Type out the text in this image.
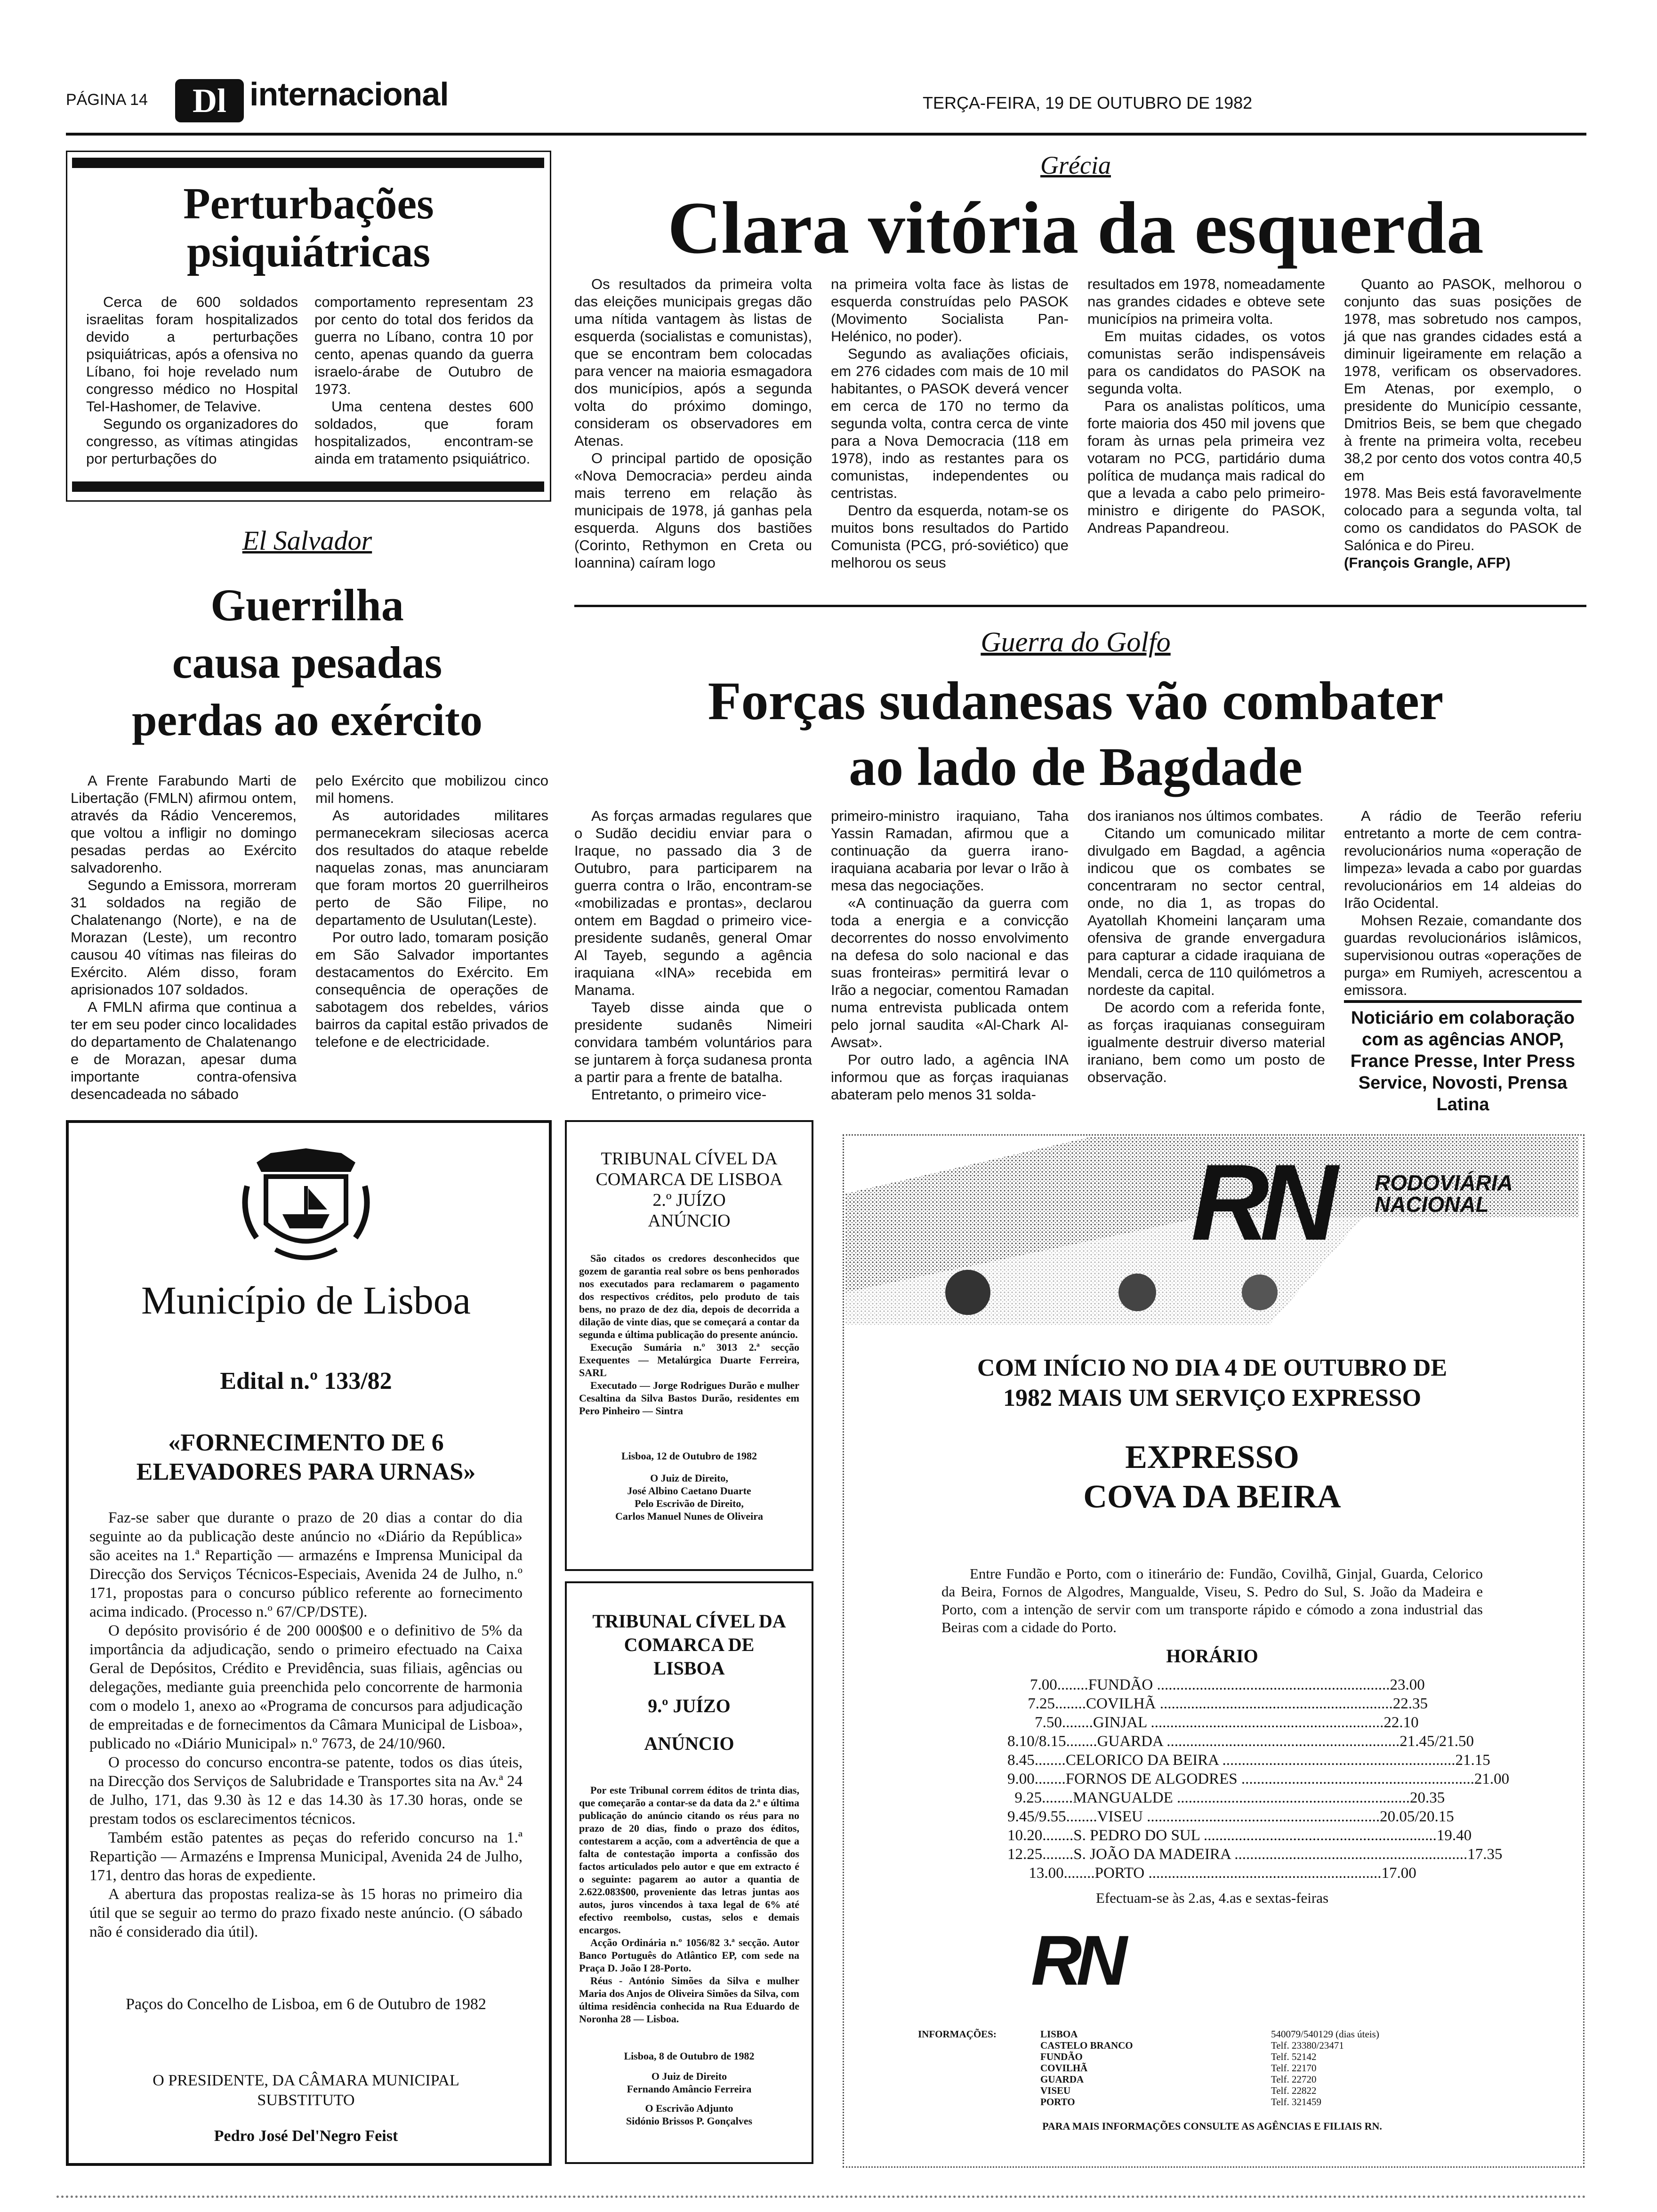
PÁGINA 14 Dl internacional	TERÇA-FEIRA, 19 DE OUTUBRO DE 1982
Perturbações
psiquiátricas

Cerca de 600 soldados israelitas foram hospitalizados devido a perturbações psiquiátricas, após a ofensiva no Líbano, foi hoje revelado num congresso médico no Hospital Tel-Hashomer, de Telavive.

Segundo os organizadores do congresso, as vítimas atingidas por perturbações do

comportamento representam 23 por cento do total dos feridos da guerra no Líbano, contra 10 por cento, apenas quando da guerra israelo-árabe de Outubro de 1973.

Uma centena destes 600 soldados, que foram hospitalizados, encontram-se ainda em tratamento psiquiátrico.

Grécia
Clara vitória da esquerda

Os resultados da primeira volta das eleições municipais gregas dão uma nítida vantagem às listas de esquerda (socialistas e comunistas), que se encontram bem colocadas para vencer na maioria esmagadora dos municípios, após a segunda volta do próximo domingo, consideram os observadores em Atenas.

O principal partido de oposição «Nova Democracia» perdeu ainda mais terreno em relação às municipais de 1978, já ganhas pela esquerda. Alguns dos bastiões (Corinto, Rethymon en Creta ou Ioannina) caíram logo

na primeira volta face às listas de esquerda construídas pelo PASOK (Movimento Socialista Pan-Helénico, no poder).

Segundo as avaliações oficiais, em 276 cidades com mais de 10 mil habitantes, o PASOK deverá vencer em cerca de 170 no termo da segunda volta, contra cerca de vinte para a Nova Democracia (118 em 1978), indo as restantes para os comunistas, independentes ou centristas.

Dentro da esquerda, notam-se os muitos bons resultados do Partido Comunista (PCG, pró-soviético) que melhorou os seus

resultados em 1978, nomeadamente nas grandes cidades e obteve sete municípios na primeira volta.

Em muitas cidades, os votos comunistas serão indispensáveis para os candidatos do PASOK na segunda volta.

Para os analistas políticos, uma forte maioria dos 450 mil jovens que foram às urnas pela primeira vez votaram no PCG, partidário duma política de mudança mais radical do que a levada a cabo pelo primeiro-ministro e dirigente do PASOK, Andreas Papandreou.

Quanto ao PASOK, melhorou o conjunto das suas posições de 1978, mas sobretudo nos campos, já que nas grandes cidades está a diminuir ligeiramente em relação a 1978, verificam os observadores. Em Atenas, por exemplo, o presidente do Município cessante, Dmitrios Beis, se bem que chegado à frente na primeira volta, recebeu 38,2 por cento dos votos contra 40,5 em

1978. Mas Beis está favoravelmente colocado para a segunda volta, tal como os candidatos do PASOK de Salónica e do Pireu.

(François Grangle, AFP)

El Salvador
Guerrilha
causa pesadas
perdas ao exército

A Frente Farabundo Marti de Libertação (FMLN) afirmou ontem, através da Rádio Venceremos, que voltou a infligir no domingo pesadas perdas ao Exército salvadorenho.

Segundo a Emissora, morreram 31 soldados na região de Chalatenango (Norte), e na de Morazan (Leste), um recontro causou 40 vítimas nas fileiras do Exército. Além disso, foram aprisionados 107 soldados.

A FMLN afirma que continua a ter em seu poder cinco localidades do departamento de Chalatenango e de Morazan, apesar duma importante contra-ofensiva desencadeada no sábado

pelo Exército que mobilizou cinco mil homens.

As autoridades militares permanecekram sileciosas acerca dos resultados do ataque rebelde naquelas zonas, mas anunciaram que foram mortos 20 guerrilheiros perto de São Filipe, no departamento de Usulutan(Leste).

Por outro lado, tomaram posição em São Salvador importantes destacamentos do Exército. Em consequência de operações de sabotagem dos rebeldes, vários bairros da capital estão privados de telefone e de electricidade.

Guerra do Golfo
Forças sudanesas vão combater
ao lado de Bagdade

As forças armadas regulares que o Sudão decidiu enviar para o Iraque, no passado dia 3 de Outubro, para participarem na guerra contra o Irão, encontram-se «mobilizadas e prontas», declarou ontem em Bagdad o primeiro vice-presidente sudanês, general Omar Al Tayeb, segundo a agência iraquiana «INA» recebida em Manama.

Tayeb disse ainda que o presidente sudanês Nimeiri convidara também voluntários para se juntarem à força sudanesa pronta a partir para a frente de batalha.

Entretanto, o primeiro vice-

primeiro-ministro iraquiano, Taha Yassin Ramadan, afirmou que a continuação da guerra irano-iraquiana acabaria por levar o Irão à mesa das negociações.

«A continuação da guerra com toda a energia e a convicção decorrentes do nosso envolvimento na defesa do solo nacional e das suas fronteiras» permitirá levar o Irão a negociar, comentou Ramadan numa entrevista publicada ontem pelo jornal saudita «Al-Chark Al-Awsat».

Por outro lado, a agência INA informou que as forças iraquianas abateram pelo menos 31 solda-

dos iranianos nos últimos combates.

Citando um comunicado militar divulgado em Bagdad, a agência indicou que os combates se concentraram no sector central, onde, no dia 1, as tropas do Ayatollah Khomeini lançaram uma ofensiva de grande envergadura para capturar a cidade iraquiana de Mendali, cerca de 110 quilómetros a nordeste da capital.

De acordo com a referida fonte, as forças iraquianas conseguiram igualmente destruir diverso material iraniano, bem como um posto de observação.

A rádio de Teerão referiu entretanto a morte de cem contra-revolucionários numa «operação de limpeza» levada a cabo por guardas revolucionários em 14 aldeias do Irão Ocidental.

Mohsen Rezaie, comandante dos guardas revolucionários islâmicos, supervisionou outras «operações de purga» em Rumiyeh, acrescentou a emissora.

Noticiário em colaboração com as agências ANOP, France Presse, Inter Press Service, Novosti, Prensa Latina
Município de Lisboa
Edital n.º 133/82
«FORNECIMENTO DE 6
ELEVADORES PARA URNAS»

Faz-se saber que durante o prazo de 20 dias a contar do dia seguinte ao da publicação deste anúncio no «Diário da República» são aceites na 1.ª Repartição — armazéns e Imprensa Municipal da Direcção dos Serviços Técnicos-Especiais, Avenida 24 de Julho, n.º 171, propostas para o concurso público referente ao fornecimento acima indicado. (Processo n.º 67/CP/DSTE).

O depósito provisório é de 200 000$00 e o definitivo de 5% da importância da adjudicação, sendo o primeiro efectuado na Caixa Geral de Depósitos, Crédito e Previdência, suas filiais, agências ou delegações, mediante guia preenchida pelo concorrente de harmonia com o modelo 1, anexo ao «Programa de concursos para adjudicação de empreitadas e de fornecimentos da Câmara Municipal de Lisboa», publicado no «Diário Municipal» n.º 7673, de 24/10/960.

O processo do concurso encontra-se patente, todos os dias úteis, na Direcção dos Serviços de Salubridade e Transportes sita na Av.ª 24 de Julho, 171, das 9.30 às 12 e das 14.30 às 17.30 horas, onde se prestam todos os esclarecimentos técnicos.

Também estão patentes as peças do referido concurso na 1.ª Repartição — Armazéns e Imprensa Municipal, Avenida 24 de Julho, 171, dentro das horas de expediente.

A abertura das propostas realiza-se às 15 horas no primeiro dia útil que se seguir ao termo do prazo fixado neste anúncio. (O sábado não é considerado dia útil).

Paços do Concelho de Lisboa, em 6 de Outubro de 1982
O PRESIDENTE, DA CÂMARA MUNICIPAL
SUBSTITUTO
Pedro José Del'Negro Feist
TRIBUNAL CÍVEL DA
COMARCA DE LISBOA
2.º JUÍZO
ANÚNCIO

São citados os credores desconhecidos que gozem de garantia real sobre os bens penhorados nos executados para reclamarem o pagamento dos respectivos créditos, pelo produto de tais bens, no prazo de dez dia, depois de decorrida a dilação de vinte dias, que se começará a contar da segunda e última publicação do presente anúncio.

Execução Sumária n.º 3013 2.ª secção Exequentes — Metalúrgica Duarte Ferreira, SARL

Executado — Jorge Rodrigues Durão e mulher Cesaltina da Silva Bastos Durão, residentes em Pero Pinheiro — Sintra

Lisboa, 12 de Outubro de 1982
O Juiz de Direito,
José Albino Caetano Duarte
Pelo Escrivão de Direito,
Carlos Manuel Nunes de Oliveira
TRIBUNAL CÍVEL DA
COMARCA DE
LISBOA
9.º JUÍZO
ANÚNCIO

Por este Tribunal correm éditos de trinta dias, que começarão a contar-se da data da 2.ª e última publicação do anúncio citando os réus para no prazo de 20 dias, findo o prazo dos éditos, contestarem a acção, com a advertência de que a falta de contestação importa a confissão dos factos articulados pelo autor e que em extracto é o seguinte: pagarem ao autor a quantia de 2.622.083$00, proveniente das letras juntas aos autos, juros vincendos à taxa legal de 6% até efectivo reembolso, custas, selos e demais encargos.

Acção Ordinária n.º 1056/82 3.ª secção. Autor Banco Português do Atlântico EP, com sede na Praça D. João I 28-Porto.

Réus - António Simões da Silva e mulher Maria dos Anjos de Oliveira Simões da Silva, com última residência conhecida na Rua Eduardo de Noronha 28 — Lisboa.

Lisboa, 8 de Outubro de 1982
O Juiz de Direito
Fernando Amâncio Ferreira
O Escrivão Adjunto
Sidónio Brissos P. Gonçalves
RN RODOVIÁRIA
NACIONAL
COM INÍCIO NO DIA 4 DE OUTUBRO DE
1982 MAIS UM SERVIÇO EXPRESSO
EXPRESSO
COVA DA BEIRA
Entre Fundão e Porto, com o itinerário de: Fundão, Covilhã, Ginjal, Guarda, Celorico da Beira, Fornos de Algodres, Mangualde, Viseu, S. Pedro do Sul, S. João da Madeira e Porto, com a intenção de servir com um transporte rápido e cómodo a zona industrial das Beiras com a cidade do Porto.
HORÁRIO
7.00 ........FUNDÃO ............................................................ 23.00
7.25 ........COVILHÃ ............................................................ 22.35
7.50 ........GINJAL ............................................................ 22.10
8.10/8.15 ........GUARDA ............................................................ 21.45/21.50
8.45 ........CELORICO DA BEIRA ............................................................ 21.15
9.00 ........FORNOS DE ALGODRES ............................................................ 21.00
9.25 ........MANGUALDE ............................................................ 20.35
9.45/9.55 ........VISEU ............................................................ 20.05/20.15
10.20 ........S. PEDRO DO SUL ............................................................ 19.40
12.25 ........S. JOÃO DA MADEIRA ............................................................ 17.35
13.00 ........PORTO ............................................................ 17.00
Efectuam-se às 2.as, 4.as e sextas-feiras
RN
INFORMAÇÕES:	LISBOA
CASTELO BRANCO
FUNDÃO
COVILHÃ
GUARDA
VISEU
PORTO
540079/540129 (dias úteis)
Telf. 23380/23471
Telf. 52142
Telf. 22170
Telf. 22720
Telf. 22822
Telf. 321459
PARA MAIS INFORMAÇÕES CONSULTE AS AGÊNCIAS E FILIAIS RN.
